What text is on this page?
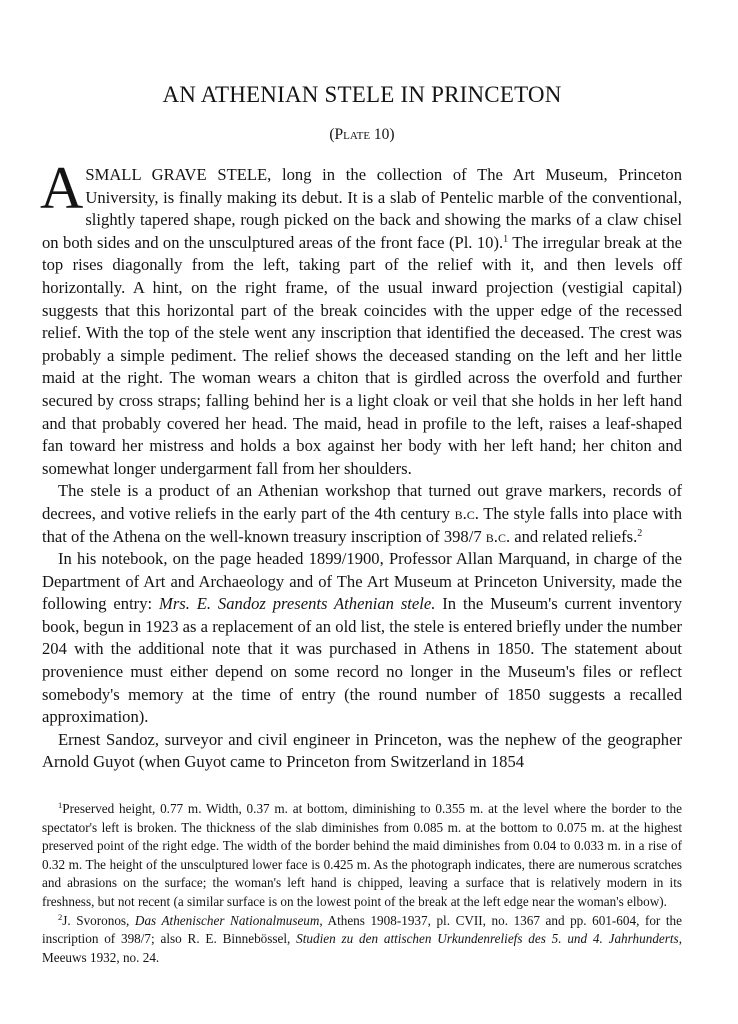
AN ATHENIAN STELE IN PRINCETON
(Plate 10)

ASMALL GRAVE STELE, long in the collection of The Art Museum, Princeton University, is finally making its debut. It is a slab of Pentelic marble of the conventional, slightly tapered shape, rough picked on the back and showing the marks of a claw chisel on both sides and on the unsculptured areas of the front face (Pl. 10).$^1$ The irregular break at the top rises diagonally from the left, taking part of the relief with it, and then levels off horizontally. A hint, on the right frame, of the usual inward projection (vestigial capital) suggests that this horizontal part of the break coincides with the upper edge of the recessed relief. With the top of the stele went any inscription that identified the deceased. The crest was probably a simple pediment. The relief shows the deceased standing on the left and her little maid at the right. The woman wears a chiton that is girdled across the overfold and further secured by cross straps; falling behind her is a light cloak or veil that she holds in her left hand and that probably covered her head. The maid, head in profile to the left, raises a leaf-shaped fan toward her mistress and holds a box against her body with her left hand; her chiton and somewhat longer undergarment fall from her shoulders.

The stele is a product of an Athenian workshop that turned out grave markers, records of decrees, and votive reliefs in the early part of the 4th century b.c. The style falls into place with that of the Athena on the well-known treasury inscription of 398/7 b.c. and related reliefs.$^2$

In his notebook, on the page headed 1899/1900, Professor Allan Marquand, in charge of the Department of Art and Archaeology and of The Art Museum at Princeton University, made the following entry: Mrs. E. Sandoz presents Athenian stele. In the Museum's current inventory book, begun in 1923 as a replacement of an old list, the stele is entered briefly under the number 204 with the additional note that it was purchased in Athens in 1850. The statement about provenience must either depend on some record no longer in the Museum's files or reflect somebody's memory at the time of entry (the round number of 1850 suggests a recalled approximation).

Ernest Sandoz, surveyor and civil engineer in Princeton, was the nephew of the geographer Arnold Guyot (when Guyot came to Princeton from Switzerland in 1854

$^1$Preserved height, 0.77 m. Width, 0.37 m. at bottom, diminishing to 0.355 m. at the level where the border to the spectator's left is broken. The thickness of the slab diminishes from 0.085 m. at the bottom to 0.075 m. at the highest preserved point of the right edge. The width of the border behind the maid diminishes from 0.04 to 0.033 m. in a rise of 0.32 m. The height of the unsculptured lower face is 0.425 m. As the photograph indicates, there are numerous scratches and abrasions on the surface; the woman's left hand is chipped, leaving a surface that is relatively modern in its freshness, but not recent (a similar surface is on the lowest point of the break at the left edge near the woman's elbow).

$^2$J. Svoronos, Das Athenischer Nationalmuseum, Athens 1908-1937, pl. CVII, no. 1367 and pp. 601-604, for the inscription of 398/7; also R. E. Binnebössel, Studien zu den attischen Urkundenreliefs des 5. und 4. Jahrhunderts, Meeuws 1932, no. 24.
